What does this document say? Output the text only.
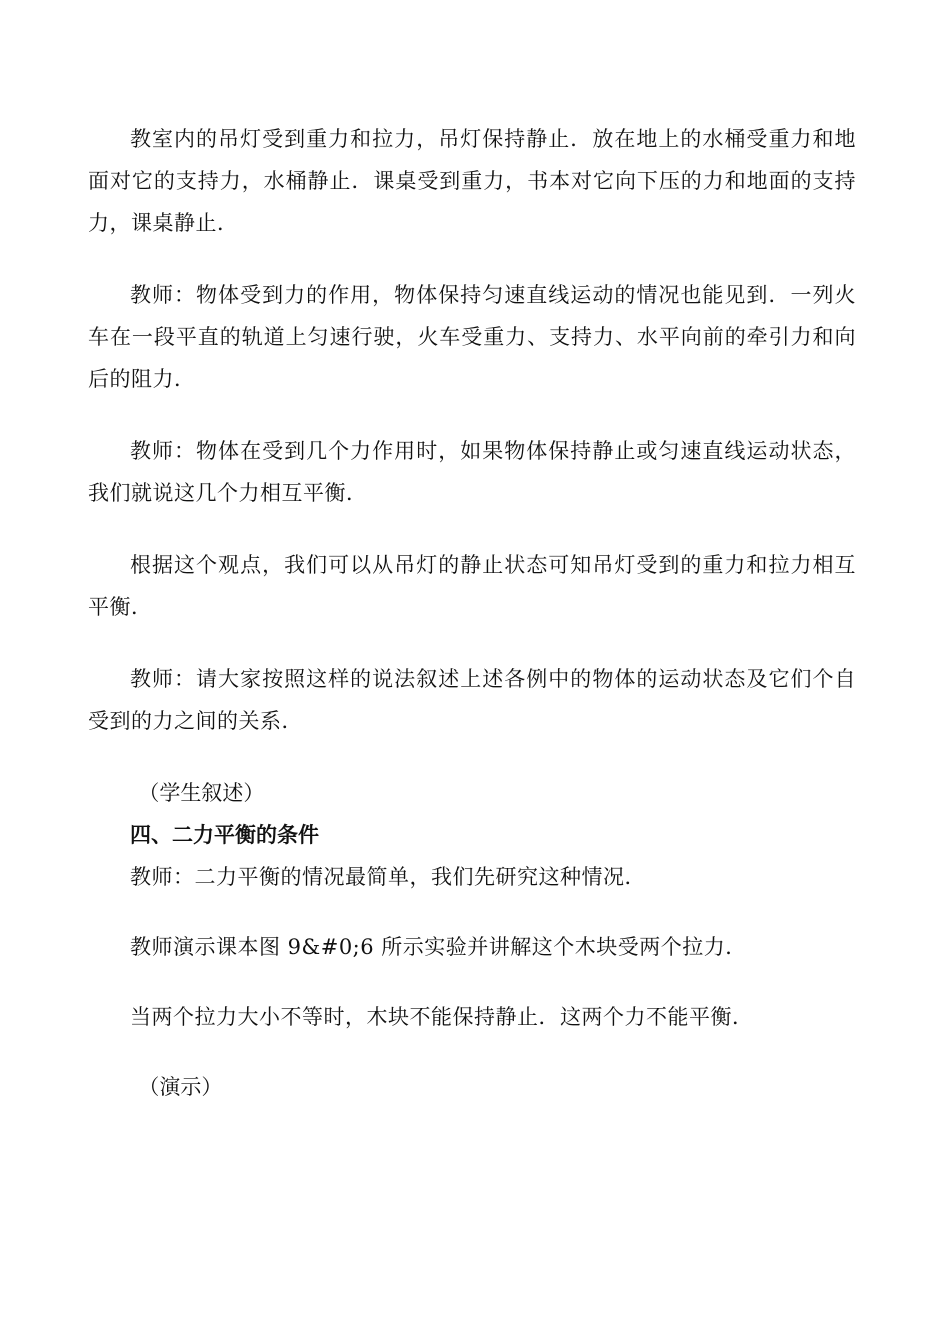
教室内的吊灯受到重力和拉力，吊灯保持静止．放在地上的水桶受重力和地面对它的支持力，水桶静止．课桌受到重力，书本对它向下压的力和地面的支持力，课桌静止．

教师：物体受到力的作用，物体保持匀速直线运动的情况也能见到．一列火车在一段平直的轨道上匀速行驶，火车受重力、支持力、水平向前的牵引力和向后的阻力．

教师：物体在受到几个力作用时，如果物体保持静止或匀速直线运动状态，我们就说这几个力相互平衡．

根据这个观点，我们可以从吊灯的静止状态可知吊灯受到的重力和拉力相互平衡．

教师：请大家按照这样的说法叙述上述各例中的物体的运动状态及它们个自受到的力之间的关系．

（学生叙述）

四、二力平衡的条件

教师：二力平衡的情况最简单，我们先研究这种情况．

教师演示课本图 9&#0;6 所示实验并讲解这个木块受两个拉力．

当两个拉力大小不等时，木块不能保持静止．这两个力不能平衡．

（演示）
